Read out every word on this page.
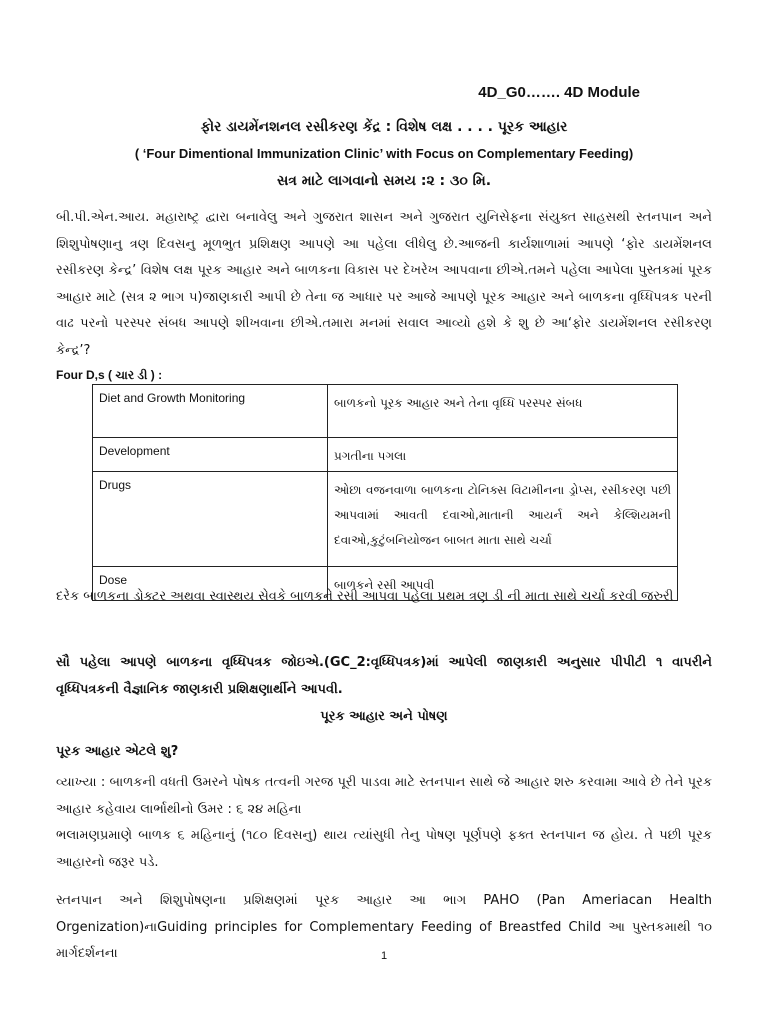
4D_G0……. 4D Module
ફોર ડાયમેંનશનલ રસીકરણ કેંદ્ર : વિશેષ લક્ષ . . . . પૂરક આહાર
( ‘Four Dimentional Immunization Clinic’ with Focus on Complementary Feeding)
સત્ર માટે લાગવાનો સમય :૨ : ૩૦ મિ.
બી.પી.એન.આય. મહારાષ્ટ્ર દ્વારા બનાવેલુ અને ગુજરાત શાસન અને ગુજરાત યુનિસેફના સંયુક્ત સાહસથી સ્તનપાન અને શિશુપોષણાનુ ત્રણ દિવસનુ મૂળભુત પ્રશિક્ષણ આપણે આ પહેલા લીધેલુ છે.આજની કાર્યશાળામાં આપણે ‘ફોર ડાયમેંશનલ રસીકરણ કેન્દ્ર’ વિશેષ લક્ષ પૂરક આહાર અને બાળકના વિકાસ પર દેખરેખ આપવાના છીએ.તમને પહેલા આપેલા પુસ્તકમાં પૂરક આહાર માટે (સત્ર ૨ ભાગ ૫)જાણકારી આપી છે તેના જ આધાર પર આજે આપણે પૂરક આહાર અને બાળકના વૃધ્ધિપત્રક પરની વાઢ પરનો પરસ્પર સંબધ આપણે શીખવાના છીએ.તમારા મનમાં સવાલ આવ્યો હશે કે શુ છે આ‘ફોર ડાયમેંશનલ રસીકરણ કેન્દ્ર’?
Four D,s ( ચાર ડી ) :
Diet and Growth Monitoring	બાળકનો પૂરક આહાર અને તેના વૃધ્ધિ પરસ્પર સંબધ
Development	પ્રગતીના પગલા
Drugs	ઓછા વજનવાળા બાળકના ટોનિક્સ વિટામીનના ડ્રોપ્સ, રસીકરણ પછી આપવામાં આવતી દવાઓ,માતાની આયર્ન અને કેલ્શિયમની દવાઓ,કુટુંબનિયોજન બાબત માતા સાથે ચર્ચા
Dose	બાળકને રસી આપવી
દરેક બાળકના ડોક્ટર અથવા સ્વાસ્થય સેવકે બાળકને રસી આપવા પહેલા પ્રથમ ત્રણ ડી ની માતા સાથે ચર્ચા કરવી જરુરી
સૌ પહેલા આપણે બાળકના વૃધ્ધિપત્રક જોઇએ.(GC_2:વૃધ્ધિપત્રક)માં આપેલી જાણકારી અનુસાર પીપીટી ૧ વાપરીને વૃધ્ધિપત્રકની વૈજ્ઞાનિક જાણકારી પ્રશિક્ષણાર્થીને આપવી.
પૂરક આહાર અને પોષણ
પૂરક આહાર એટલે શુ?
વ્યાખ્યા : બાળકની વધતી ઉમરને પોષક તત્વની ગરજ પૂરી પાડવા માટે સ્તનપાન સાથે જે આહાર શરુ કરવામા આવે છે તેને પૂરક આહાર કહેવાય લાર્ભાથીનો ઉમર : ૬ ૨૪ મહિના
ભલામણપ્રમાણે બાળક ૬ મહિનાનું (૧૮૦ દિવસનુ) થાય ત્યાંસુધી તેનુ પોષણ પૂર્ણપણે ફક્ત સ્તનપાન જ હોય. તે પછી પૂરક આહારનો જરૂર પડે.
સ્તનપાન અને શિશુપોષણના પ્રશિક્ષણમાં પૂરક આહાર આ ભાગ PAHO (Pan Ameriacan Health Orgenization)નાGuiding principles for Complementary Feeding of Breastfed Child આ પુસ્તકમાથી ૧૦ માર્ગદર્શનના	1
